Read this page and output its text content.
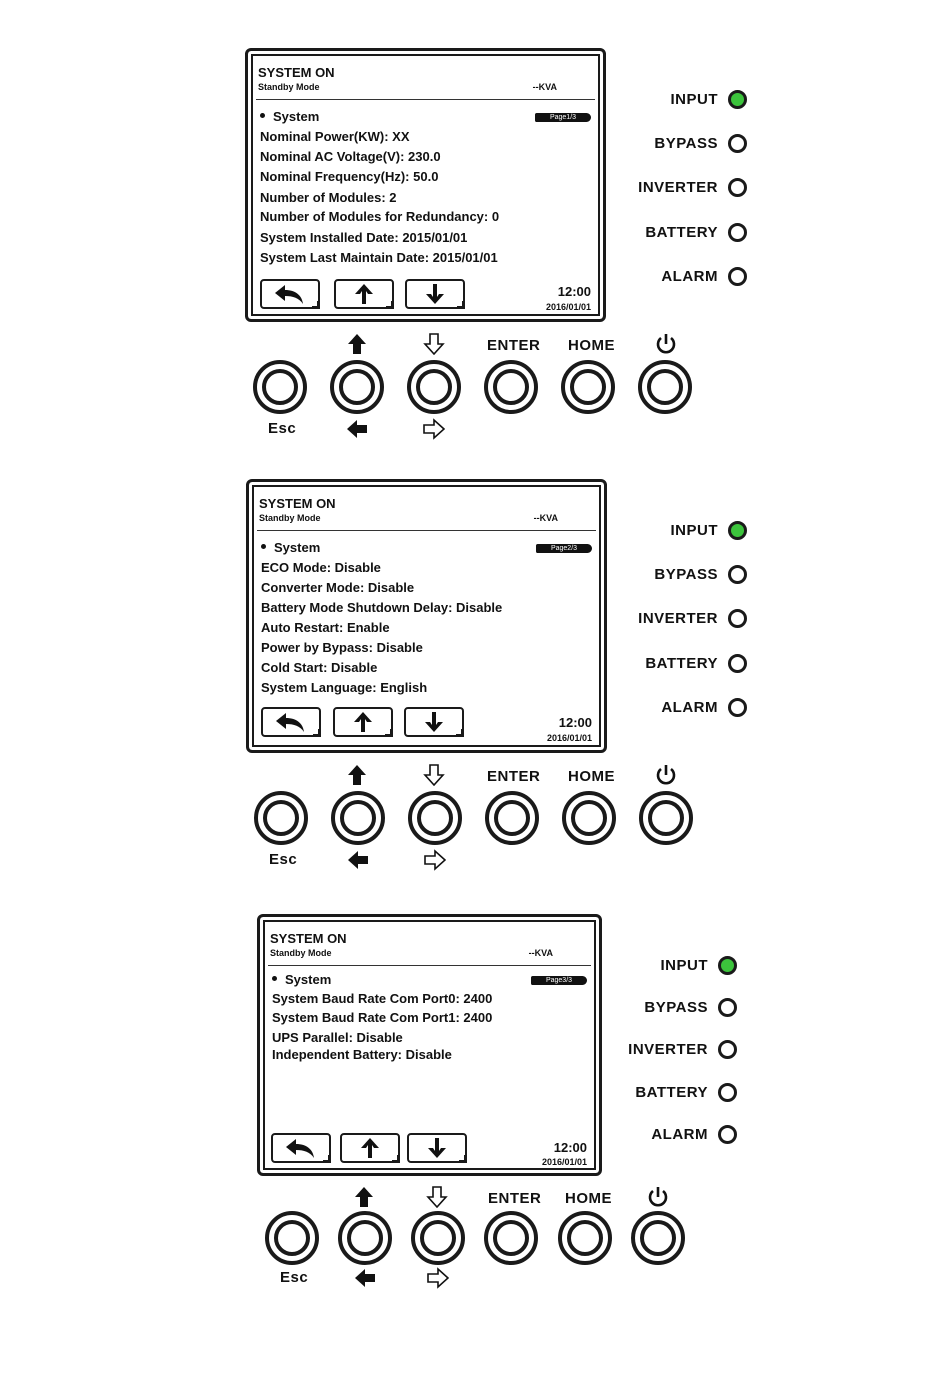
SYSTEM ON
Standby Mode	--KVA
System	Page1/3
Nominal Power(KW): XX
Nominal AC Voltage(V): 230.0
Nominal Frequency(Hz): 50.0
Number of Modules: 2
Number of Modules for Redundancy: 0
System Installed Date: 2015/01/01
System Last Maintain Date: 2015/01/01
12:00
2016/01/01
INPUT
BYPASS
INVERTER
BATTERY
ALARM
ENTER HOME
Esc
SYSTEM ON
Standby Mode	--KVA
System	Page2/3
ECO Mode: Disable
Converter Mode: Disable
Battery Mode Shutdown Delay: Disable
Auto Restart: Enable
Power by Bypass: Disable
Cold Start: Disable
System Language: English
12:00
2016/01/01
INPUT
BYPASS
INVERTER
BATTERY
ALARM
ENTER HOME
Esc
SYSTEM ON
Standby Mode	--KVA
System	Page3/3
System Baud Rate Com Port0: 2400
System Baud Rate Com Port1: 2400
UPS Parallel: Disable
Independent Battery: Disable
12:00
2016/01/01
INPUT
BYPASS
INVERTER
BATTERY
ALARM
ENTER HOME
Esc
